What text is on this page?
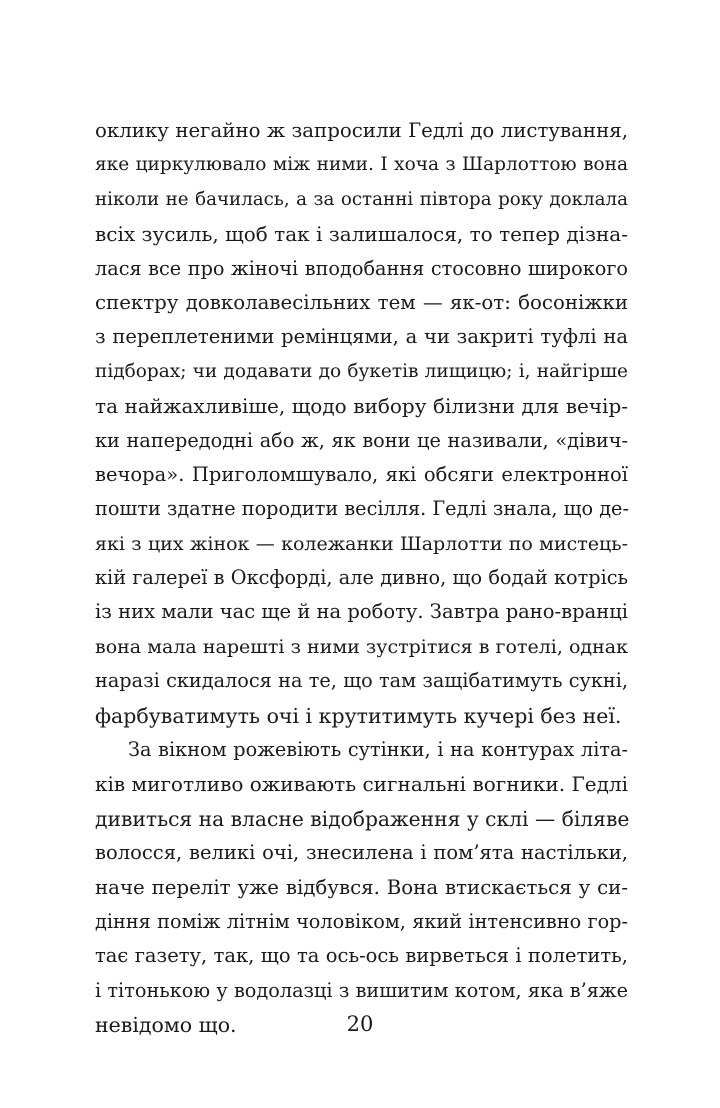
оклику негайно ж запросили Гедлі до листування,
яке циркулювало між ними. І хоча з Шарлоттою вона
ніколи не бачилась, а за останні півтора року доклала
всіх зусиль, щоб так і залишалося, то тепер дізна-
лася все про жіночі вподобання стосовно широкого
спектру довколавесільних тем — як-от: босоніжки
з переплетеними ремінцями, а чи закриті туфлі на
підборах; чи додавати до букетів лищицю; і, найгірше
та найжахливіше, щодо вибору білизни для вечір-
ки напередодні або ж, як вони це називали, «дівич-
вечора». Приголомшувало, які обсяги електронної
пошти здатне породити весілля. Гедлі знала, що де-
які з цих жінок — колежанки Шарлотти по мистець-
кій галереї в Оксфорді, але дивно, що бодай котрісь
із них мали час ще й на роботу. Завтра рано-вранці
вона мала нарешті з ними зустрітися в готелі, однак
наразі скидалося на те, що там защібатимуть сукні,
фарбуватимуть очі і крутитимуть кучері без неї.
За вікном рожевіють сутінки, і на контурах літа-
ків миготливо оживають сигнальні вогники. Гедлі
дивиться на власне відображення у склі — біляве
волосся, великі очі, знесилена і пом’ята настільки,
наче переліт уже відбувся. Вона втискається у си-
діння поміж літнім чоловіком, який інтенсивно гор-
тає газету, так, що та ось-ось вирветься і полетить,
і тітонькою у водолазці з вишитим котом, яка в’яже
невідомо що.	20
